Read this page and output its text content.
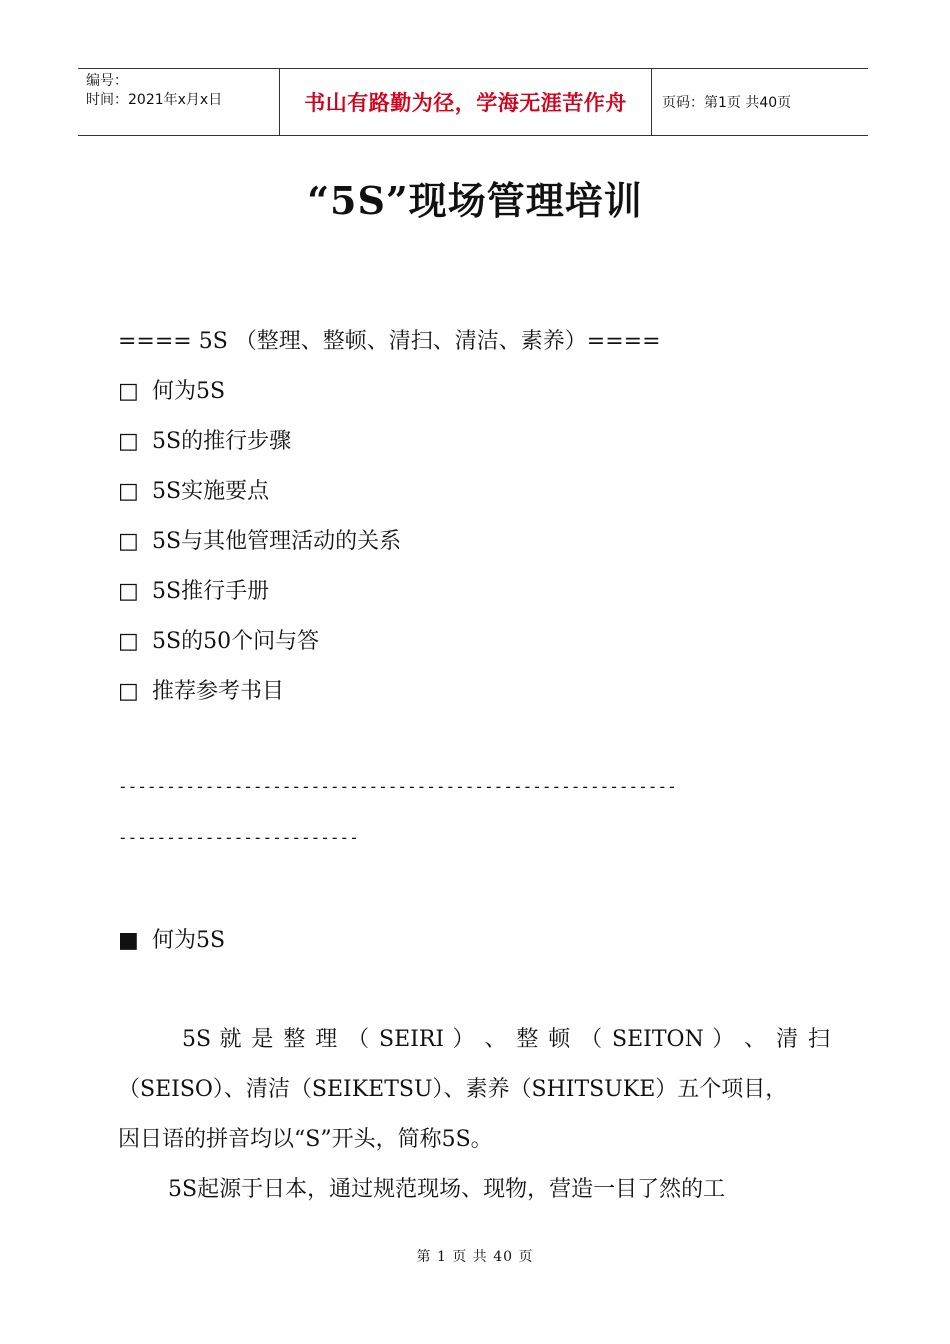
编号：
时间：2021年x月x日	书山有路勤为径，学海无涯苦作舟	页码：第1页 共40页
“5S”现场管理培训
==== 5S （整理、整顿、清扫、清洁、素养）====
□ 何为5S
□ 5S的推行步骤
□ 5S实施要点
□ 5S与其他管理活动的关系
□ 5S推行手册
□ 5S的50个问与答
□ 推荐参考书目
----------------------------------------------------------
-------------------------
■ 何为5S
5S 就 是 整 理 （ SEIRI ） 、 整 顿 （ SEITON ） 、 清 扫
（SEISO）、清洁（SEIKETSU）、素养（SHITSUKE）五个项目，
因日语的拼音均以“S”开头，简称5S。
5S起源于日本，通过规范现场、现物，营造一目了然的工
第 1 页 共 40 页
